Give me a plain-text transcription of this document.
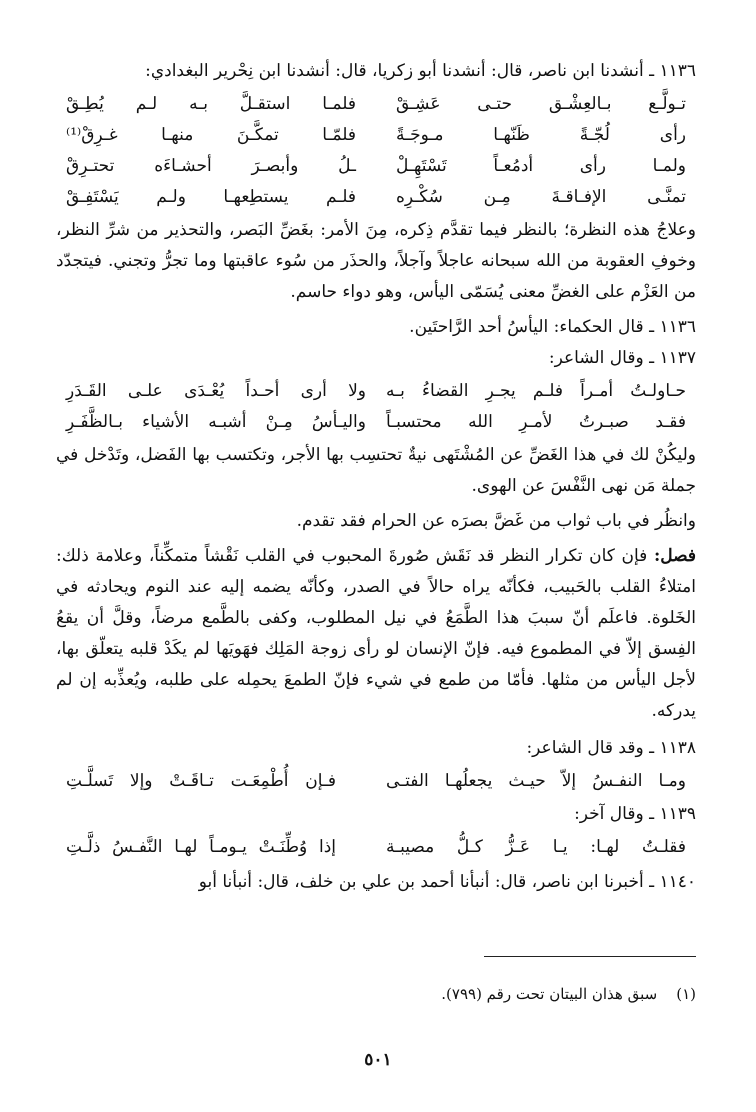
١١٣٦ ـ أنشدنا ابن ناصر، قال: أنشدنا أبو زكريا، قال: أنشدنا ابن نِحْرير البغدادي:

تـولَّـع بـالعِشْـق حتـى عَشِـقْ
فلمـا استقـلَّ بـه لـم يُطِـقْ
رأى لُجّـةً ظَنّهـا مـوجَـةً
فلمّـا تمكَّـنَ منهـا غـرِقْ⁽¹⁾
ولمـا رأى أدمُعـاً تَسْتَهِـلْ
ـلُ وأبصـرَ أحشـاءَه تحتـرِقْ
تمنَّـى الإفـاقـةَ مِـن سُكْـرِه
فلـم يستطِعهـا ولـم يَسْتَفِـقْ

وعلاجُ هذه النظرة؛ بالنظر فيما تقدَّم ذِكره، مِنَ الأمر: بغَضِّ البَصر، والتحذير من شرِّ النظر، وخوفِ العقوبة من الله سبحانه عاجلاً وآجلاً، والحذَر من سُوء عاقبتها وما تجرُّ وتجني. فيتجدّد من العَزْم على الغضِّ معنى يُسَمّى اليأس، وهو دواء حاسم.

١١٣٦ ـ قال الحكماء: اليأسُ أحد الرَّاحتَين.

١١٣٧ ـ وقال الشاعر:

حـاولـتُ أمـراً فلـم يجـرِ القضاءُ بـه
ولا أرى أحـداً يُعْـدَى علـى القَـدَرِ
فقـد صبـرتُ لأمـرِ الله محتسبـاً
واليـأسُ مِـنْ أشبـه الأشياء بـالظَّفَـرِ

وليكُنْ لك في هذا الغَضِّ عن المُشْتَهى نيةٌ تحتسِب بها الأجر، وتكتسب بها الفَضل، وتَدْخل في جملة مَن نهى النَّفْسَ عن الهوى.

وانظُر في باب ثواب من غَضَّ بصرَه عن الحرام فقد تقدم.

فصل: فإن كان تكرار النظر قد نَقَش صُورةَ المحبوب في القلب نَقْشاً متمكِّناً، وعلامة ذلك: امتلاءُ القلب بالحَبيب، فكأنّه يراه حالاً في الصدر، وكأنّه يضمه إليه عند النوم ويحادثه في الخَلوة. فاعلَم أنّ سببَ هذا الطَّمَعُ في نيل المطلوب، وكفى بالطَّمع مرضاً، وقلَّ أن يقعُ الفِسق إلاّ في المطموع فيه. فإنّ الإنسان لو رأى زوجة المَلِك فهَويَها لم يكَدْ قلبه يتعلّق بها، لأجل اليأس من مثلها. فأمّا من طمع في شيء فإنّ الطمعَ يحمِله على طلبه، ويُعذِّبه إن لم يدركه.

١١٣٨ ـ وقد قال الشاعر:

ومـا النفـسُ إلاّ حيـث يجعلُهـا الفتـى
فـإن أُطْمِعَـت تـاقَـتْ وإلا تَسلَّـتِ

١١٣٩ ـ وقال آخر:

فقلـتُ لهـا: يـا عَـزُّ كـلُّ مصيبـة
إذا وُطِّنَـتْ يـومـاً لهـا النَّفـسُ ذلَّـتِ

١١٤٠ ـ أخبرنا ابن ناصر، قال: أنبأنا أحمد بن علي بن خلف، قال: أنبأنا أبو

(١) سبق هذان البيتان تحت رقم (٧٩٩).
٥٠١
